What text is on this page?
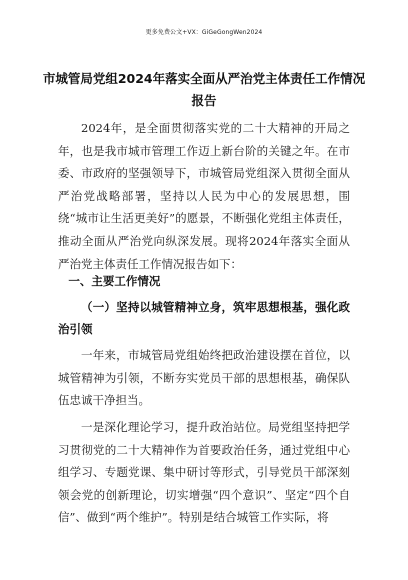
更多免费公文+VX：GiGeGongWen2024
市城管局党组2024年落实全面从严治党主体责任工作情况报告
2024年，是全面贯彻落实党的二十大精神的开局之年，也是我市城市管理工作迈上新台阶的关键之年。在市委、市政府的坚强领导下，市城管局党组深入贯彻全面从严治党战略部署，坚持以人民为中心的发展思想，围绕“城市让生活更美好”的愿景，不断强化党组主体责任，推动全面从严治党向纵深发展。现将2024年落实全面从严治党主体责任工作情况报告如下：
一、主要工作情况
（一）坚持以城管精神立身，筑牢思想根基，强化政治引领
一年来，市城管局党组始终把政治建设摆在首位，以城管精神为引领，不断夯实党员干部的思想根基，确保队伍忠诚干净担当。
一是深化理论学习，提升政治站位。局党组坚持把学习贯彻党的二十大精神作为首要政治任务，通过党组中心组学习、专题党课、集中研讨等形式，引导党员干部深刻领会党的创新理论，切实增强“四个意识”、坚定“四个自信”、做到“两个维护”。特别是结合城管工作实际，将
